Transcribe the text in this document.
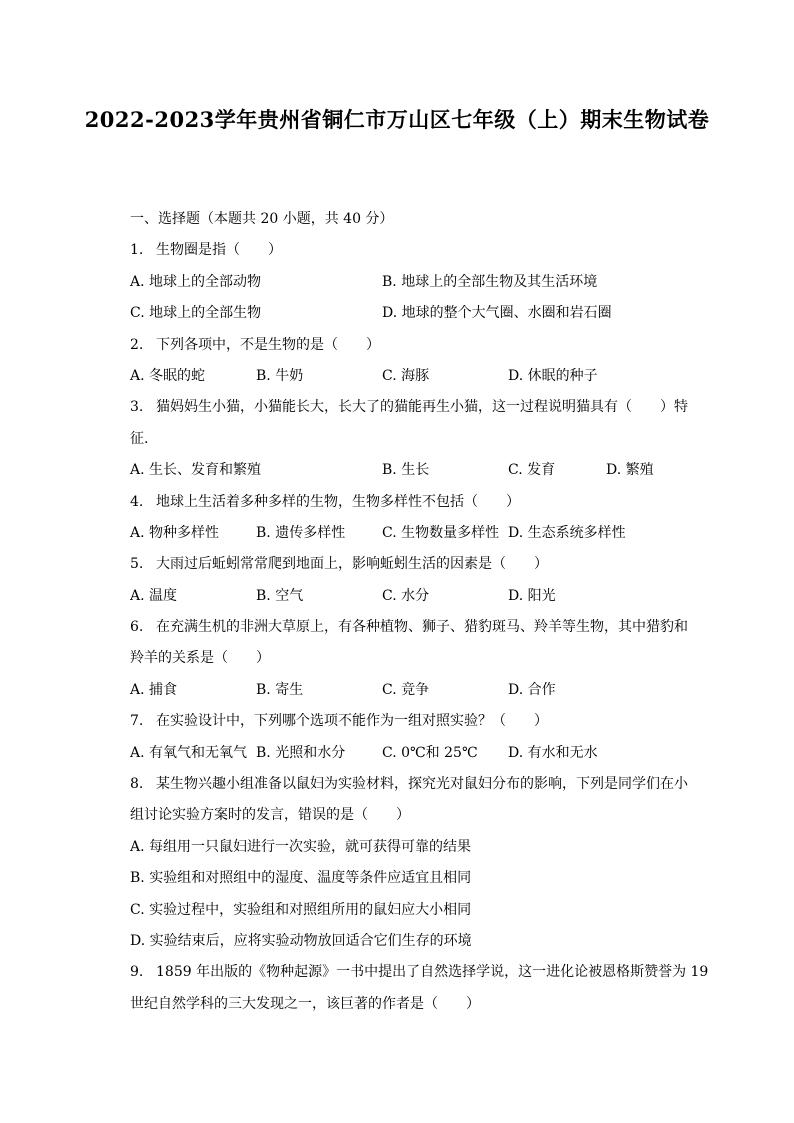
2022-2023学年贵州省铜仁市万山区七年级（上）期末生物试卷
一、选择题（本题共 20 小题，共 40 分）
1. 生物圈是指（　　）
A. 地球上的全部动物	B. 地球上的全部生物及其生活环境
C. 地球上的全部生物	D. 地球的整个大气圈、水圈和岩石圈
2. 下列各项中，不是生物的是（　　）
A. 冬眠的蛇	B. 牛奶	C. 海豚	D. 休眠的种子
3. 猫妈妈生小猫，小猫能长大，长大了的猫能再生小猫，这一过程说明猫具有（　　）特
征.
A. 生长、发育和繁殖	B. 生长	C. 发育	D. 繁殖
4. 地球上生活着多种多样的生物，生物多样性不包括（　　）
A. 物种多样性	B. 遗传多样性	C. 生物数量多样性 D. 生态系统多样性
5. 大雨过后蚯蚓常常爬到地面上，影响蚯蚓生活的因素是（　　）
A. 温度	B. 空气	C. 水分	D. 阳光
6. 在充满生机的非洲大草原上，有各种植物、狮子、猎豹斑马、羚羊等生物，其中猎豹和
羚羊的关系是（　　）
A. 捕食	B. 寄生	C. 竞争	D. 合作
7. 在实验设计中，下列哪个选项不能作为一组对照实验？（　　）
A. 有氧气和无氧气 B. 光照和水分	C. 0℃和 25℃	D. 有水和无水
8. 某生物兴趣小组准备以鼠妇为实验材料，探究光对鼠妇分布的影响，下列是同学们在小
组讨论实验方案时的发言，错误的是（　　）
A. 每组用一只鼠妇进行一次实验，就可获得可靠的结果
B. 实验组和对照组中的湿度、温度等条件应适宜且相同
C. 实验过程中，实验组和对照组所用的鼠妇应大小相同
D. 实验结束后，应将实验动物放回适合它们生存的环境
9. 1859 年出版的《物种起源》一书中提出了自然选择学说，这一进化论被恩格斯赞誉为 19
世纪自然学科的三大发现之一，该巨著的作者是（　　）
